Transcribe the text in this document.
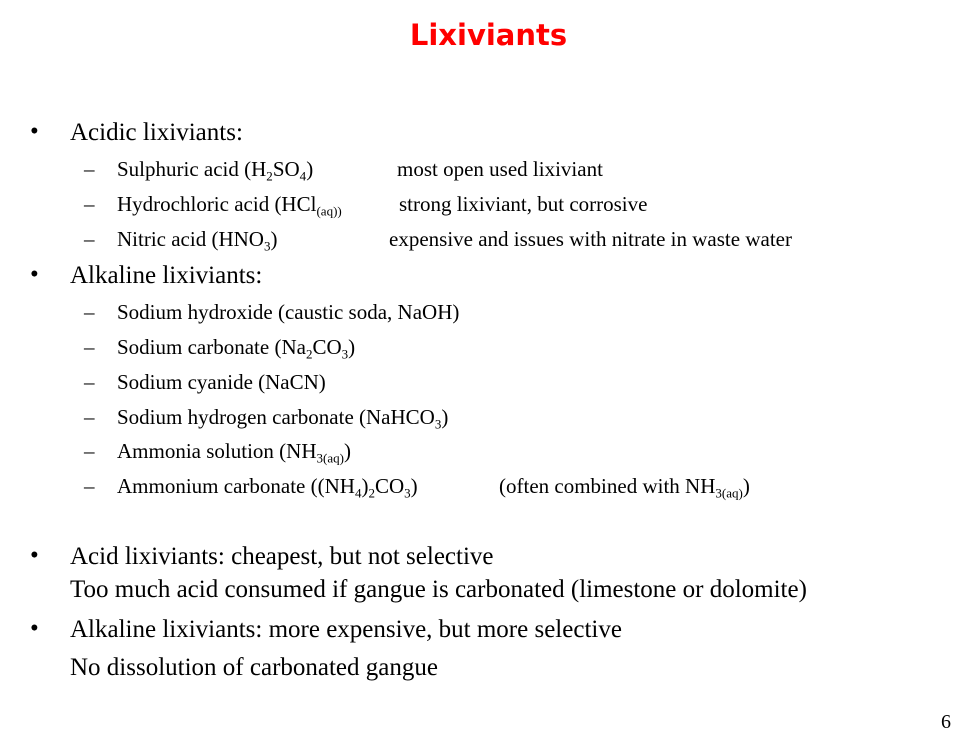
Lixiviants
• Acidic lixiviants:
– Sulphuric acid $(H_2SO_4)$	most open used lixiviant
– Hydrochloric acid (HCl$_{(aq))}$	strong lixiviant, but corrosive
– Nitric acid $(HNO_3)$	expensive and issues with nitrate in waste water
• Alkaline lixiviants:
– Sodium hydroxide (caustic soda, NaOH)
– Sodium carbonate $(Na_2CO_3)$
– Sodium cyanide (NaCN)
– Sodium hydrogen carbonate (NaHCO$_3$)
– Ammonia solution $(NH_{3(aq)})$
– Ammonium carbonate $((NH_4)_2CO_3)$	(often combined with $NH_{3(aq)}$)
• Acid lixiviants: cheapest, but not selective
Too much acid consumed if gangue is carbonated (limestone or dolomite)
• Alkaline lixiviants: more expensive, but more selective
No dissolution of carbonated gangue
6
